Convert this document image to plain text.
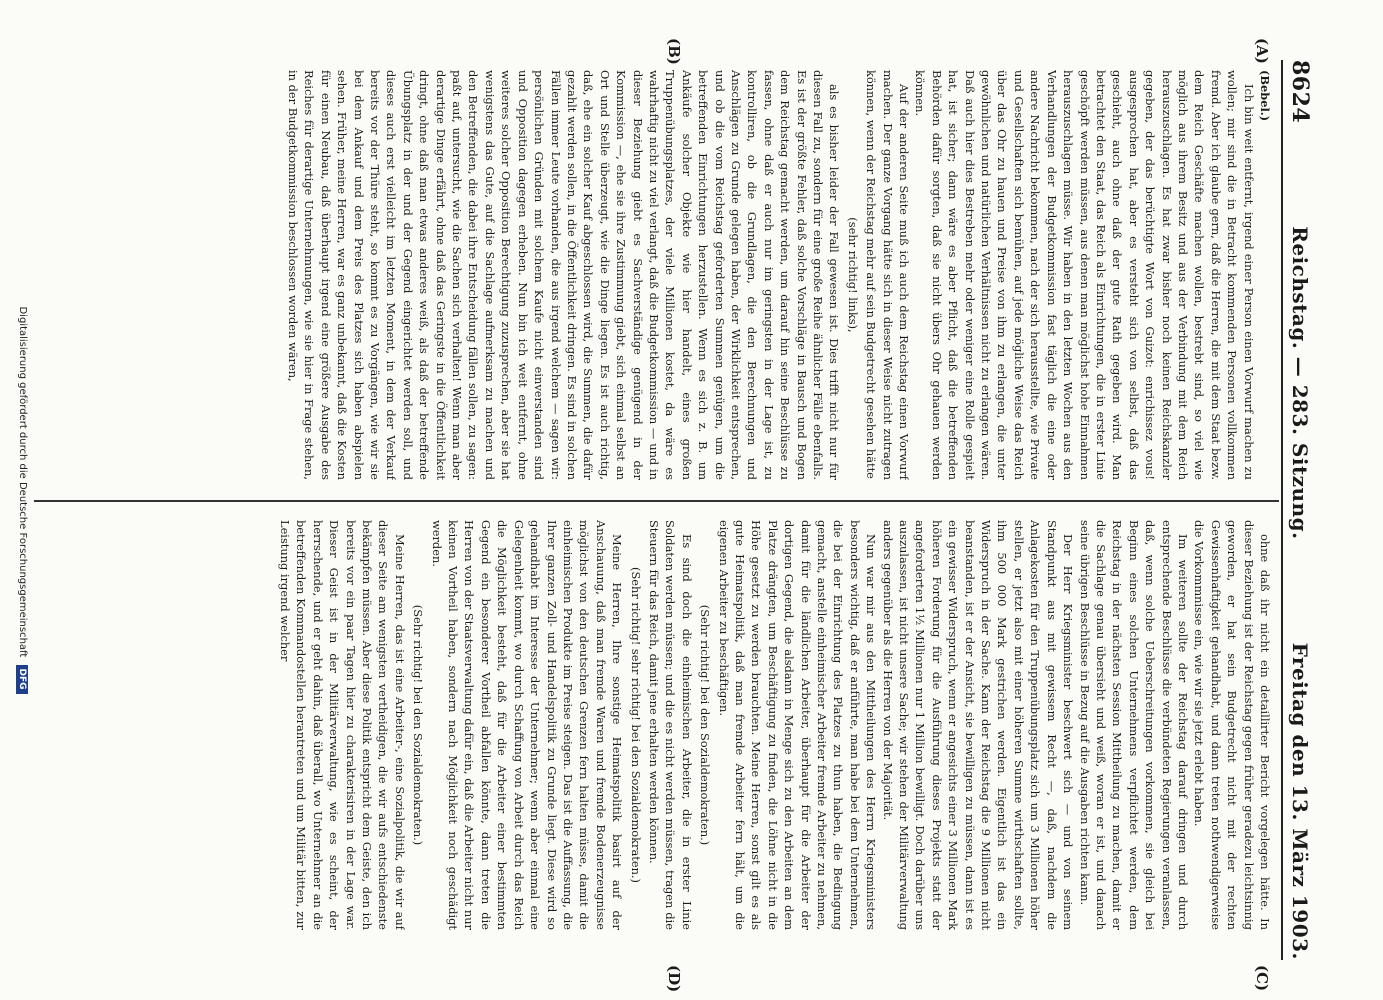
8624
Reichstag. — 283. Sitzung.
Freitag den 13. März 1903.
(A)
(B)
(C)
(D)

(Bebel.)

Ich bin weit entfernt, irgend einer Person einen Vorwurf machen zu wollen; mir sind die in Betracht kommenden Personen vollkommen fremd. Aber ich glaube gern, daß die Herren, die mit dem Staat bezw. dem Reich Geschäfte machen wollen, bestrebt sind, so viel wie möglich aus ihrem Besitz und aus der Verbindung mit dem Reich herauszuschlagen. Es hat zwar bisher noch keinen Reichskanzler gegeben, der das berüchtigte Wort von Guizot: enrichissez vous! ausgesprochen hat, aber es versteht sich von selbst, daß das geschieht, auch ohne daß der gute Rath gegeben wird. Man betrachtet den Staat, das Reich als Einrichtungen, die in erster Linie geschöpft werden müssen, aus denen man möglichst hohe Einnahmen herauszuschlagen müsse. Wir haben in den letzten Wochen aus den Verhandlungen der Budgetkommission fast täglich die eine oder andere Nachricht bekommen, nach der sich herausstellte, wie Private und Gesellschaften sich bemühen, auf jede mögliche Weise das Reich über das Ohr zu hauen und Preise von ihm zu erlangen, die unter gewöhnlichen und natürlichen Verhältnissen nicht zu erlangen wären. Daß auch hier dies Bestreben mehr oder weniger eine Rolle gespielt hat, ist sicher; dann wäre es aber Pflicht, daß die betreffenden Behörden dafür sorgten, daß sie nicht übers Ohr gehauen werden können.

Auf der anderen Seite muß ich auch dem Reichstag einen Vorwurf machen. Der ganze Vorgang hätte sich in dieser Weise nicht zutragen können, wenn der Reichstag mehr auf sein Budgetrecht gesehen hätte

(sehr richtig! links),

als es bisher leider der Fall gewesen ist. Dies trifft nicht nur für diesen Fall zu, sondern für eine große Reihe ähnlicher Fälle ebenfalls. Es ist der größte Fehler, daß solche Vorschläge in Bausch und Bogen dem Reichstag gemacht werden, um darauf hin seine Beschlüsse zu fassen, ohne daß er auch nur im geringsten in der Lage ist, zu kontrolliren, ob die Grundlagen, die den Berechnungen und Anschlägen zu Grunde gelegen haben, der Wirklichkeit entsprechen, und ob die vom Reichstag geforderten Summen genügen, um die betreffenden Einrichtungen herzustellen. Wenn es sich z. B. um Ankäufe solcher Objekte wie hier handelt, eines großen Truppenübungsplatzes, der viele Millionen kostet, da wäre es wahrhaftig nicht zu viel verlangt, daß die Budgetkommission — und in dieser Beziehung giebt es Sachverständige genügend in der Kommission —, ehe sie ihre Zustimmung giebt, sich einmal selbst an Ort und Stelle überzeugt, wie die Dinge liegen. Es ist auch richtig, daß, ehe ein solcher Kauf abgeschlossen wird, die Summen, die dafür gezahlt werden sollen, in die Öffentlichkeit dringen. Es sind in solchen Fällen immer Leute vorhanden, die aus irgend welchem — sagen wir: persönlichen Gründen mit solchem Kaufe nicht einverstanden sind und Opposition dagegen erheben. Nun bin ich weit entfernt, ohne weiteres solcher Opposition Berechtigung zuzusprechen, aber sie hat wenigstens das Gute, auf die Sachlage aufmerksam zu machen und den Betreffenden, die dabei ihre Entscheidung fällen sollen, zu sagen: paßt auf, untersucht, wie die Sachen sich verhalten! Wenn man aber derartige Dinge erfährt, ohne daß das Geringste in die Öffentlichkeit dringt, ohne daß man etwas anderes weiß, als daß der betreffende Übungsplatz in der und der Gegend eingerichtet werden soll, und dieses auch erst vielleicht im letzten Moment, in dem der Verkauf bereits vor der Thüre steht, so kommt es zu Vorgängen, wie wir sie bei dem Ankauf und dem Preis des Platzes sich haben abspielen sehen. Früher, meine Herren, war es ganz unbekannt, daß die Kosten für einen Neubau, daß überhaupt irgend eine größere Ausgabe des Reiches für derartige Unternehmungen, wie sie hier in Frage stehen, in der Budgetkommission beschlossen worden wären,

ohne daß ihr nicht ein detaillirter Bericht vorgelegen hätte. In dieser Beziehung ist der Reichstag gegen früher geradezu leichtsinnig geworden, er hat sein Budgetrecht nicht mit der rechten Gewissenhaftigkeit gehandhabt, und dann treten nothwendigerweise die Vorkommnisse ein, wie wir sie jetzt erlebt haben.

Im weiteren sollte der Reichstag darauf dringen und durch entsprechende Beschlüsse die verbündeten Regierungen veranlassen, daß, wenn solche Ueberschreitungen vorkommen, sie gleich bei Beginn eines solchen Unternehmens verpflichtet werden, dem Reichstag in der nächsten Session Mittheilung zu machen, damit er die Sachlage genau übersieht und weiß, woran er ist, und danach seine übrigen Beschlüsse in Bezug auf die Ausgaben richten kann.

Der Herr Kriegsminister beschwert sich — und von seinem Standpunkt aus mit gewissem Recht —, daß, nachdem die Anlagekosten für den Truppenübungsplatz sich um 3 Millionen höher stellen, er jetzt also mit einer höheren Summe wirthschaften sollte, ihm 500 000 Mark gestrichen werden. Eigentlich ist das ein Widerspruch in der Sache. Kann der Reichstag die 9 Millionen nicht beanstanden, ist er der Ansicht, sie bewilligen zu müssen, dann ist es ein gewisser Widerspruch, wenn er angesichts einer 3 Millionen Mark höheren Forderung für die Ausführung dieses Projekts statt der angeforderten 1½ Millionen nur 1 Million bewilligt. Doch darüber uns auszulassen, ist nicht unsere Sache; wir stehen der Militärverwaltung anders gegenüber als die Herren von der Majorität.

Nun war mir aus den Mittheilungen des Herrn Kriegsministers besonders wichtig, daß er anführte, man habe bei dem Unternehmen, die bei der Einrichtung des Platzes zu thun haben, die Bedingung gemacht, anstelle einheimischer Arbeiter fremde Arbeiter zu nehmen, damit für die ländlichen Arbeiter, überhaupt für die Arbeiter der dortigen Gegend, die alsdann in Menge sich zu den Arbeiten an dem Platze drängten, um Beschäftigung zu finden, die Löhne nicht in die Höhe gesetzt zu werden brauchten. Meine Herren, sonst gilt es als gute Heimatspolitik, daß man fremde Arbeiter fern hält, um die eigenen Arbeiter zu beschäftigen.

(Sehr richtig! bei den Sozialdemokraten.)

Es sind doch die einheimischen Arbeiter, die in erster Linie Soldaten werden müssen; und die es nicht werden müssen, tragen die Steuern für das Reich, damit jene erhalten werden können.

(Sehr richtig! sehr richtig! bei den Sozialdemokraten.)

Meine Herren, Ihre sonstige Heimatspolitik basirt auf der Anschauung, daß man fremde Waren und fremde Bodenerzeugnisse möglichst von den deutschen Grenzen fern halten müsse, damit die einheimischen Produkte im Preise steigen. Das ist die Auffassung, die Ihrer ganzen Zoll- und Handelspolitik zu Grunde liegt. Diese wird so gehandhabt im Interesse der Unternehmer; wenn aber einmal eine Gelegenheit kommt, wo durch Schaffung von Arbeit durch das Reich die Möglichkeit besteht, daß für die Arbeiter einer bestimmten Gegend ein besonderer Vortheil abfallen könnte, dann treten die Herren von der Staatsverwaltung dafür ein, daß die Arbeiter nicht nur keinen Vortheil haben, sondern nach Möglichkeit noch geschädigt werden.

(Sehr richtig! bei den Sozialdemokraten.)

Meine Herren, das ist eine Arbeiter-, eine Sozialpolitik, die wir auf dieser Seite am wenigsten vertheidigen, die wir aufs entschiedenste bekämpfen müssen. Aber diese Politik entspricht dem Geiste, den ich bereits vor ein paar Tagen hier zu charakterisiren in der Lage war. Dieser Geist ist in der Militärverwaltung, wie es scheint, der herrschende, und er geht dahin, daß überall, wo Unternehmer an die betreffenden Kommandostellen herantreten und um Militär bitten, zur Leistung irgend welcher

Digitalisierung gefördert durch die Deutsche Forschungsgemeinschaft DFG
